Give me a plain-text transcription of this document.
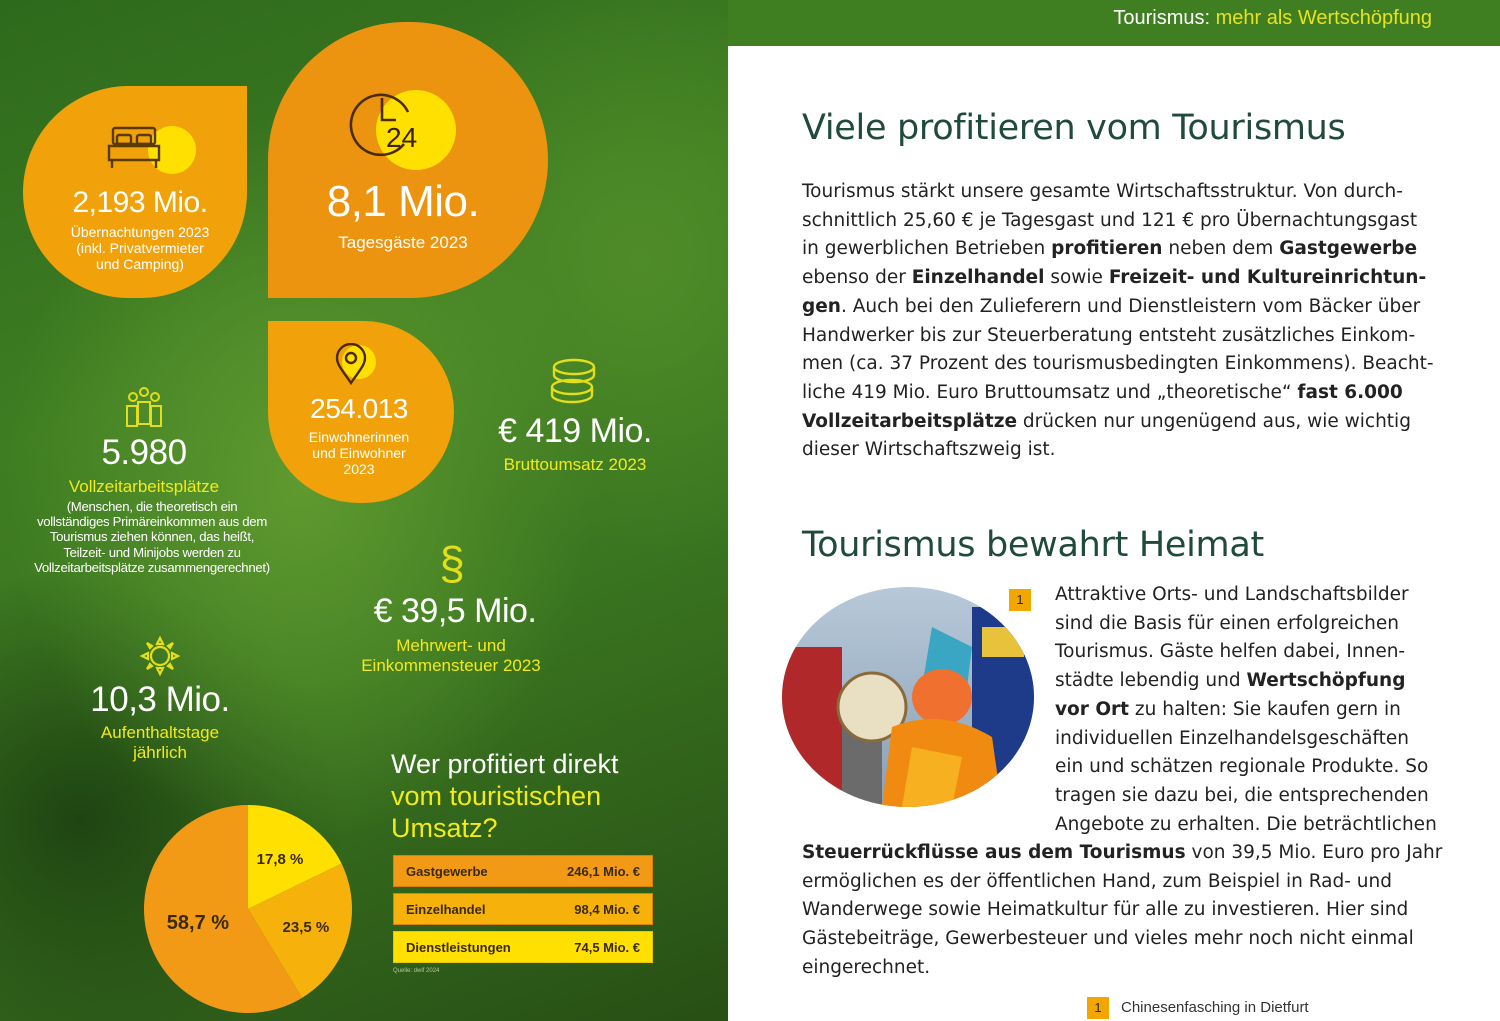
2,193 Mio.
Übernachtungen 2023
(inkl. Privatvermieter
und Camping)
24
8,1 Mio.
Tagesgäste 2023
254.013
Einwohnerinnen
und Einwohner
2023
€ 419 Mio.
Bruttoumsatz 2023
5.980
Vollzeitarbeitsplätze
(Menschen, die theoretisch ein
vollständiges Primäreinkommen aus dem
Tourismus ziehen können, das heißt,
Teilzeit- und Minijobs werden zu
Vollzeitarbeitsplätze zusammengerechnet)	§
€ 39,5 Mio.
Mehrwert- und
Einkommensteuer 2023
10,3 Mio.
Aufenthaltstage
jährlich	Wer profitiert direkt
vom touristischen
Umsatz?
17,8 %
23,5 %
58,7 %
Gastgewerbe	246,1 Mio. €
Einzelhandel	98,4 Mio. €
Dienstleistungen	74,5 Mio. €
Quelle: dwif 2024
Tourismus: mehr als Wertschöpfung
Viele profitieren vom Tourismus
Tourismus stärkt unsere gesamte Wirtschaftsstruktur. Von durch-
schnittlich 25,60 € je Tagesgast und 121 € pro Übernachtungsgast
in gewerblichen Betrieben profitieren neben dem Gastgewerbe
ebenso der Einzelhandel sowie Freizeit- und Kultureinrichtun-
gen. Auch bei den Zulieferern und Dienstleistern vom Bäcker über
Handwerker bis zur Steuerberatung entsteht zusätzliches Einkom-
men (ca. 37 Prozent des tourismusbedingten Einkommens). Beacht-
liche 419 Mio. Euro Bruttoumsatz und „theoretische“ fast 6.000
Vollzeitarbeitsplätze drücken nur ungenügend aus, wie wichtig
dieser Wirtschaftszweig ist.
Tourismus bewahrt Heimat
1	Attraktive Orts- und Landschaftsbilder
sind die Basis für einen erfolgreichen
Tourismus. Gäste helfen dabei, Innen-
städte lebendig und Wertschöpfung
vor Ort zu halten: Sie kaufen gern in
individuellen Einzelhandelsgeschäften
ein und schätzen regionale Produkte. So
tragen sie dazu bei, die entsprechenden
Angebote zu erhalten. Die beträchtlichen
Steuerrückflüsse aus dem Tourismus von 39,5 Mio. Euro pro Jahr
ermöglichen es der öffentlichen Hand, zum Beispiel in Rad- und
Wanderwege sowie Heimatkultur für alle zu investieren. Hier sind
Gästebeiträge, Gewerbesteuer und vieles mehr noch nicht einmal
eingerechnet.
1	Chinesenfasching in Dietfurt
